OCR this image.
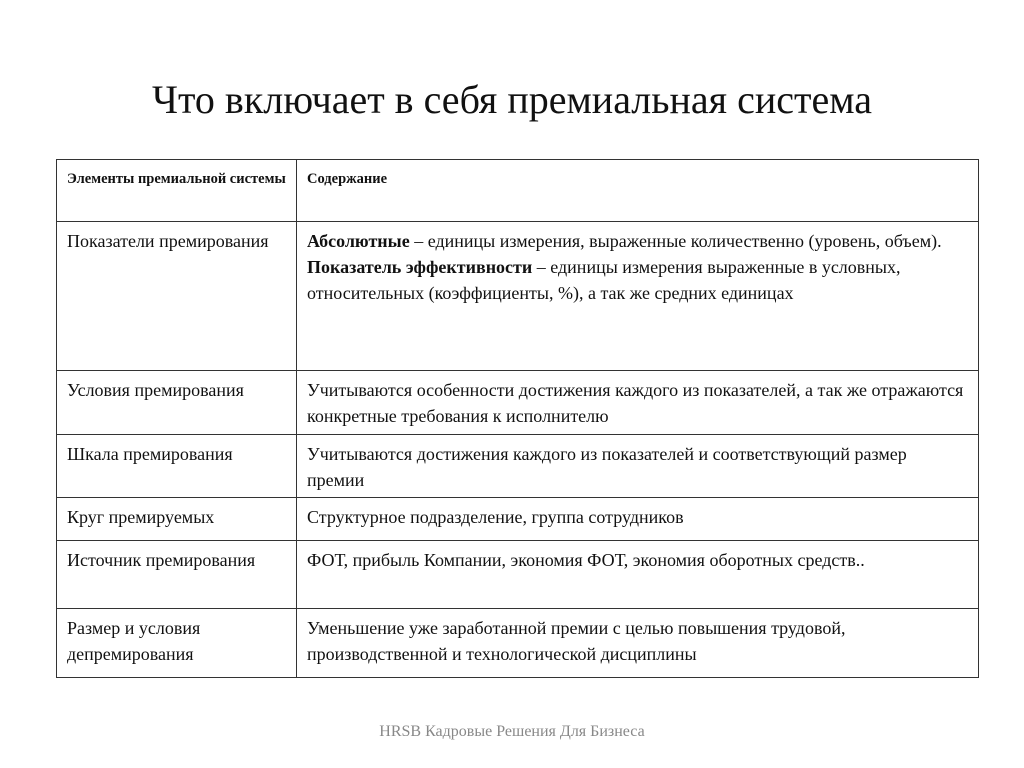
Что включает в себя премиальная система
Элементы премиальной системы	Содержание
Показатели премирования	Абсолютные – единицы измерения, выраженные количественно (уровень, объем).
Показатель эффективности – единицы измерения выраженные в условных, относительных (коэффициенты, %), а так же средних единицах
Условия премирования	Учитываются особенности достижения каждого из показателей, а так же отражаются конкретные требования к исполнителю
Шкала премирования	Учитываются достижения каждого из показателей и соответствующий размер премии
Круг премируемых	Структурное подразделение, группа сотрудников
Источник премирования	ФОТ, прибыль Компании, экономия ФОТ, экономия оборотных средств..
Размер и условия депремирования	Уменьшение уже заработанной премии с целью повышения трудовой, производственной и технологической дисциплины
HRSB Кадровые Решения Для Бизнеса
